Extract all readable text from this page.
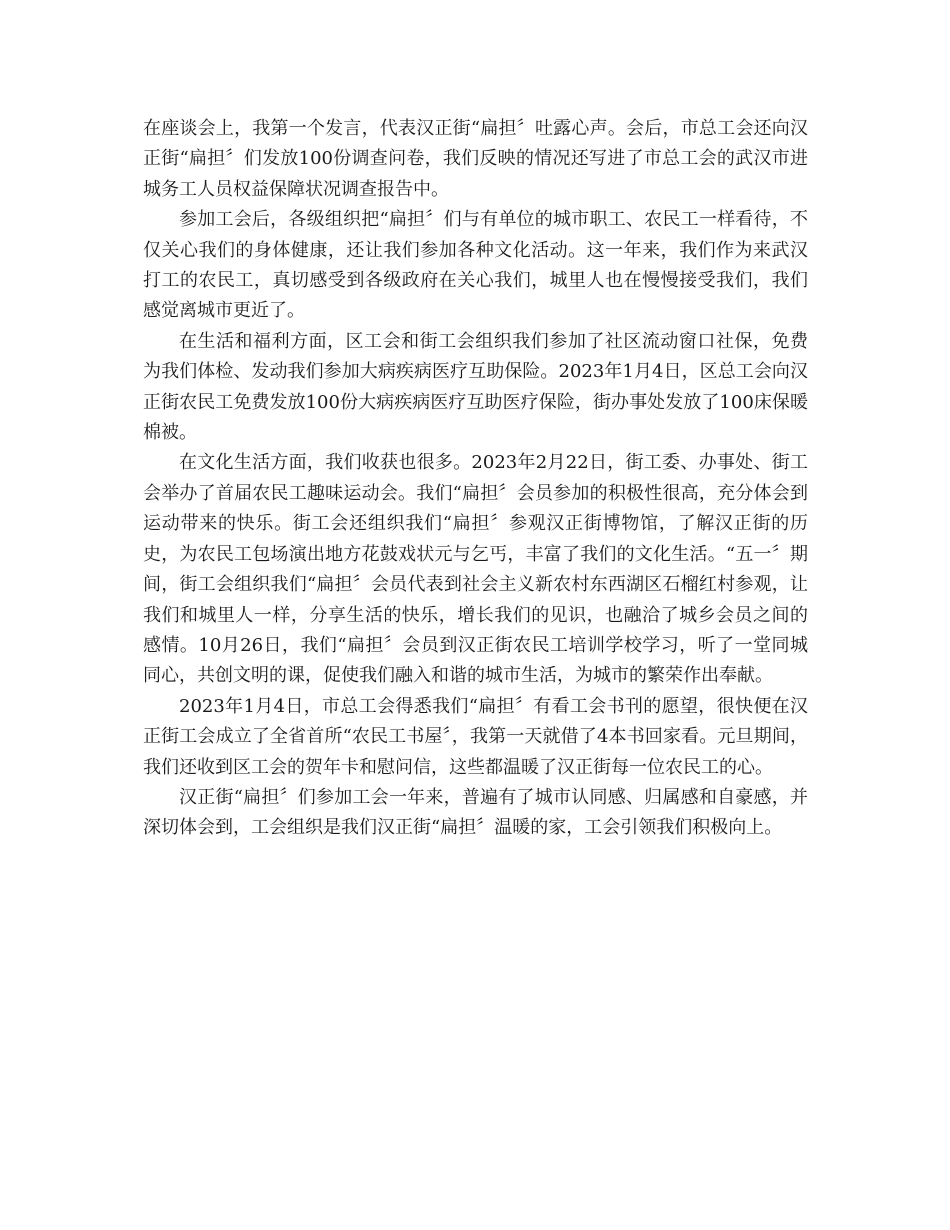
在座谈会上，我第一个发言，代表汉正街“扁担〞吐露心声。会后，市总工会还向汉正街“扁担〞们发放100份调查问卷，我们反映的情况还写进了市总工会的武汉市进城务工人员权益保障状况调查报告中。

参加工会后，各级组织把“扁担〞们与有单位的城市职工、农民工一样看待，不仅关心我们的身体健康，还让我们参加各种文化活动。这一年来，我们作为来武汉打工的农民工，真切感受到各级政府在关心我们，城里人也在慢慢接受我们，我们感觉离城市更近了。

在生活和福利方面，区工会和街工会组织我们参加了社区流动窗口社保，免费为我们体检、发动我们参加大病疾病医疗互助保险。2023年1月4日，区总工会向汉正街农民工免费发放100份大病疾病医疗互助医疗保险，街办事处发放了100床保暖棉被。

在文化生活方面，我们收获也很多。2023年2月22日，街工委、办事处、街工会举办了首届农民工趣味运动会。我们“扁担〞会员参加的积极性很高，充分体会到运动带来的快乐。街工会还组织我们“扁担〞参观汉正街博物馆，了解汉正街的历史，为农民工包场演出地方花鼓戏状元与乞丐，丰富了我们的文化生活。“五一〞期间，街工会组织我们“扁担〞会员代表到社会主义新农村东西湖区石榴红村参观，让我们和城里人一样，分享生活的快乐，增长我们的见识，也融洽了城乡会员之间的感情。10月26日，我们“扁担〞会员到汉正街农民工培训学校学习，听了一堂同城同心，共创文明的课，促使我们融入和谐的城市生活，为城市的繁荣作出奉献。

2023年1月4日，市总工会得悉我们“扁担〞有看工会书刊的愿望，很快便在汉正街工会成立了全省首所“农民工书屋〞，我第一天就借了4本书回家看。元旦期间，我们还收到区工会的贺年卡和慰问信，这些都温暖了汉正街每一位农民工的心。

汉正街“扁担〞们参加工会一年来，普遍有了城市认同感、归属感和自豪感，并深切体会到，工会组织是我们汉正街“扁担〞温暖的家，工会引领我们积极向上。
